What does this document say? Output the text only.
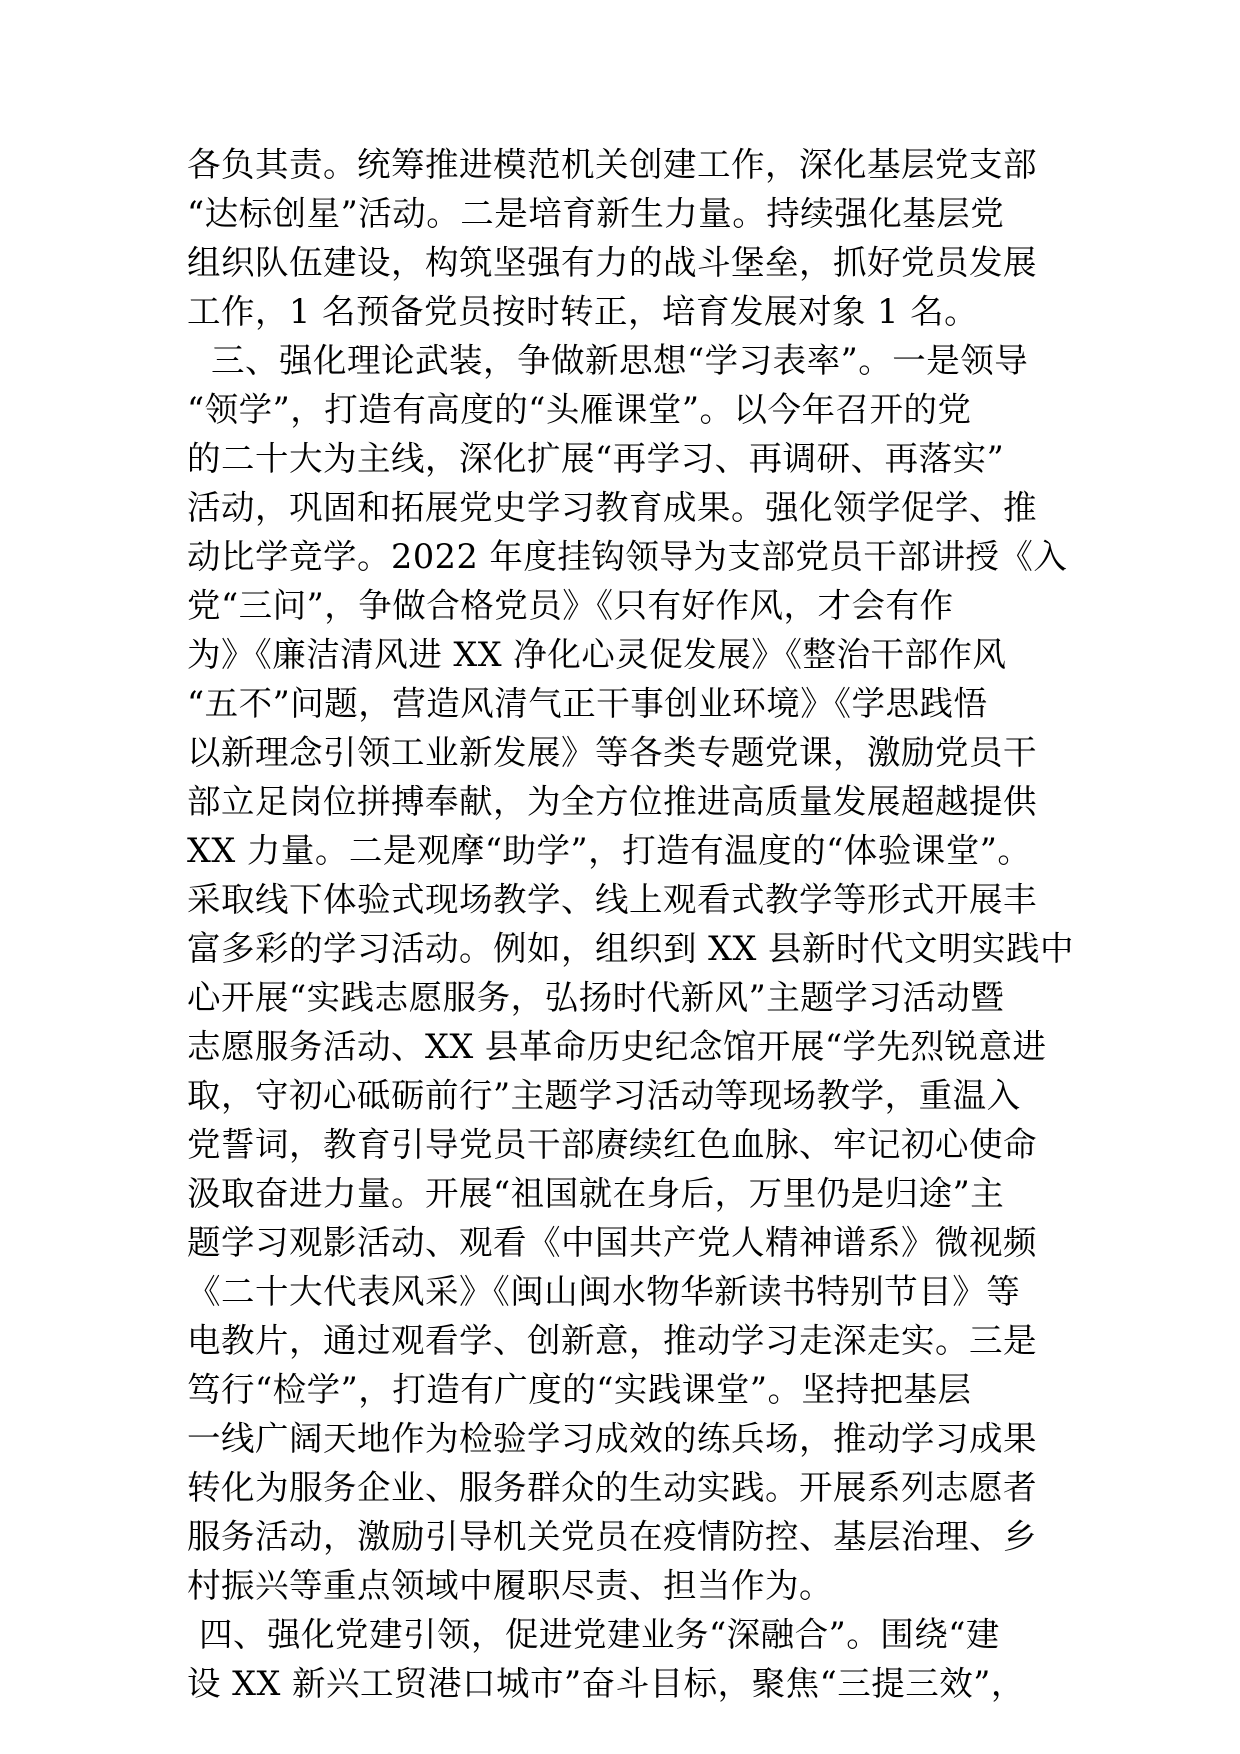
各负其责。统筹推进模范机关创建工作，深化基层党支部
“达标创星”活动。二是培育新生力量。持续强化基层党
组织队伍建设，构筑坚强有力的战斗堡垒，抓好党员发展
工作，1 名预备党员按时转正，培育发展对象 1 名。
三、强化理论武装，争做新思想“学习表率”。一是领导
“领学”，打造有高度的“头雁课堂”。以今年召开的党
的二十大为主线，深化扩展“再学习、再调研、再落实”
活动，巩固和拓展党史学习教育成果。强化领学促学、推
动比学竞学。2022 年度挂钩领导为支部党员干部讲授《入
党“三问”，争做合格党员》《只有好作风，才会有作
为》《廉洁清风进 XX 净化心灵促发展》《整治干部作风
“五不”问题，营造风清气正干事创业环境》《学思践悟
以新理念引领工业新发展》等各类专题党课，激励党员干
部立足岗位拼搏奉献，为全方位推进高质量发展超越提供
XX 力量。二是观摩“助学”，打造有温度的“体验课堂”。
采取线下体验式现场教学、线上观看式教学等形式开展丰
富多彩的学习活动。例如，组织到 XX 县新时代文明实践中
心开展“实践志愿服务，弘扬时代新风”主题学习活动暨
志愿服务活动、XX 县革命历史纪念馆开展“学先烈锐意进
取，守初心砥砺前行”主题学习活动等现场教学，重温入
党誓词，教育引导党员干部赓续红色血脉、牢记初心使命
汲取奋进力量。开展“祖国就在身后，万里仍是归途”主
题学习观影活动、观看《中国共产党人精神谱系》微视频
《二十大代表风采》《闽山闽水物华新读书特别节目》等
电教片，通过观看学、创新意，推动学习走深走实。三是
笃行“检学”，打造有广度的“实践课堂”。坚持把基层
一线广阔天地作为检验学习成效的练兵场，推动学习成果
转化为服务企业、服务群众的生动实践。开展系列志愿者
服务活动，激励引导机关党员在疫情防控、基层治理、乡
村振兴等重点领域中履职尽责、担当作为。
四、强化党建引领，促进党建业务“深融合”。围绕“建
设 XX 新兴工贸港口城市”奋斗目标，聚焦“三提三效”，
